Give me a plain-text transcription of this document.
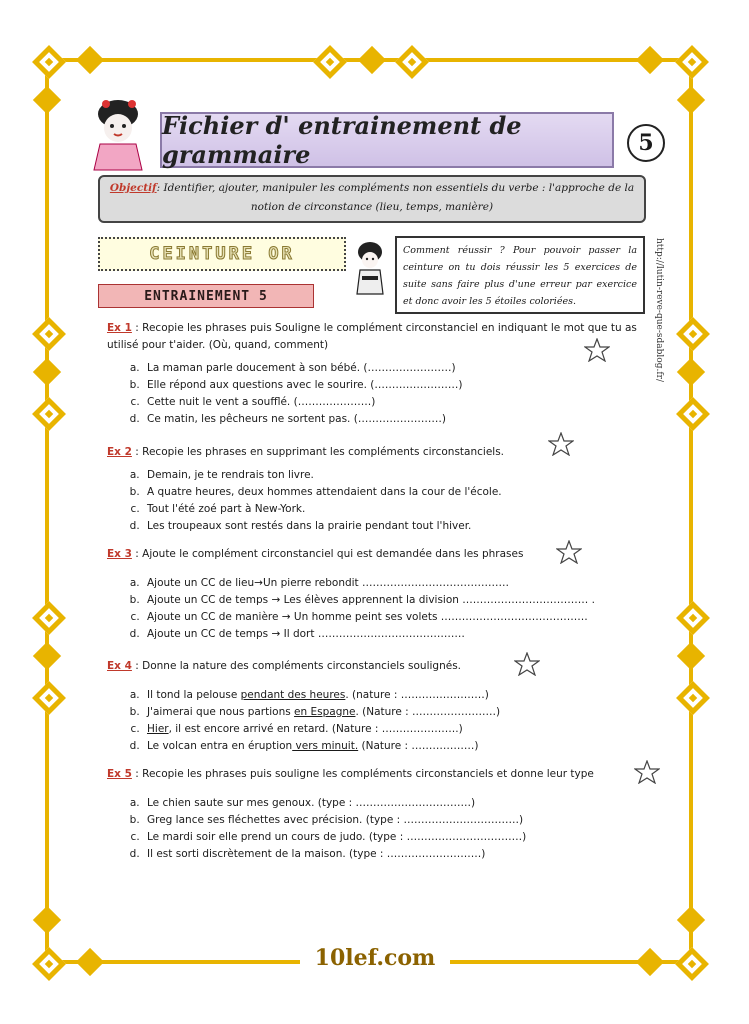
Fichier d' entrainement de grammaire	5
Objectif: Identifier, ajouter, manipuler les compléments non essentiels du verbe : l'approche de la notion de circonstance (lieu, temps, manière)
CEINTURE OR
ENTRAINEMENT 5
Comment réussir ? Pour pouvoir passer la ceinture on tu dois réussir les 5 exercices de suite sans faire plus d'une erreur par exercice et donc avoir les 5 étoiles coloriées.	http://lutin-reve-que-sdablog.fr/
Ex 1 : Recopie les phrases puis Souligne le complément circonstanciel en indiquant le mot que tu as utilisé pour t'aider. (Où, quand, comment)
a. La maman parle doucement à son bébé. (……………………)
b. Elle répond aux questions avec le sourire. (……………………)
c. Cette nuit le vent a soufflé. (…………………)
d. Ce matin, les pêcheurs ne sortent pas. (……………………)
Ex 2 : Recopie les phrases en supprimant les compléments circonstanciels.
a. Demain, je te rendrais ton livre.
b. A quatre heures, deux hommes attendaient dans la cour de l'école.
c. Tout l'été zoé part à New-York.
d. Les troupeaux sont restés dans la prairie pendant tout l'hiver.
Ex 3 : Ajoute le complément circonstanciel qui est demandée dans les phrases
a. Ajoute un CC de lieu→Un pierre rebondit ……………………………………
b. Ajoute un CC de temps → Les élèves apprennent la division ……………………………… .
c. Ajoute un CC de manière → Un homme peint ses volets ……………………………………
d. Ajoute un CC de temps → Il dort ……………………………………
Ex 4 : Donne la nature des compléments circonstanciels soulignés.
a. Il tond la pelouse pendant des heures. (nature : ……………………)
b. J'aimerai que nous partions en Espagne. (Nature : ……………………)
c. Hier, il est encore arrivé en retard. (Nature : ………………….)
d. Le volcan entra en éruption vers minuit. (Nature : ………………)
Ex 5 : Recopie les phrases puis souligne les compléments circonstanciels et donne leur type
a. Le chien saute sur mes genoux. (type : ……………………………)
b. Greg lance ses fléchettes avec précision. (type : ……………………………)
c. Le mardi soir elle prend un cours de judo. (type : ……………………………)
d. Il est sorti discrètement de la maison. (type : ………………………)
10lef.com
